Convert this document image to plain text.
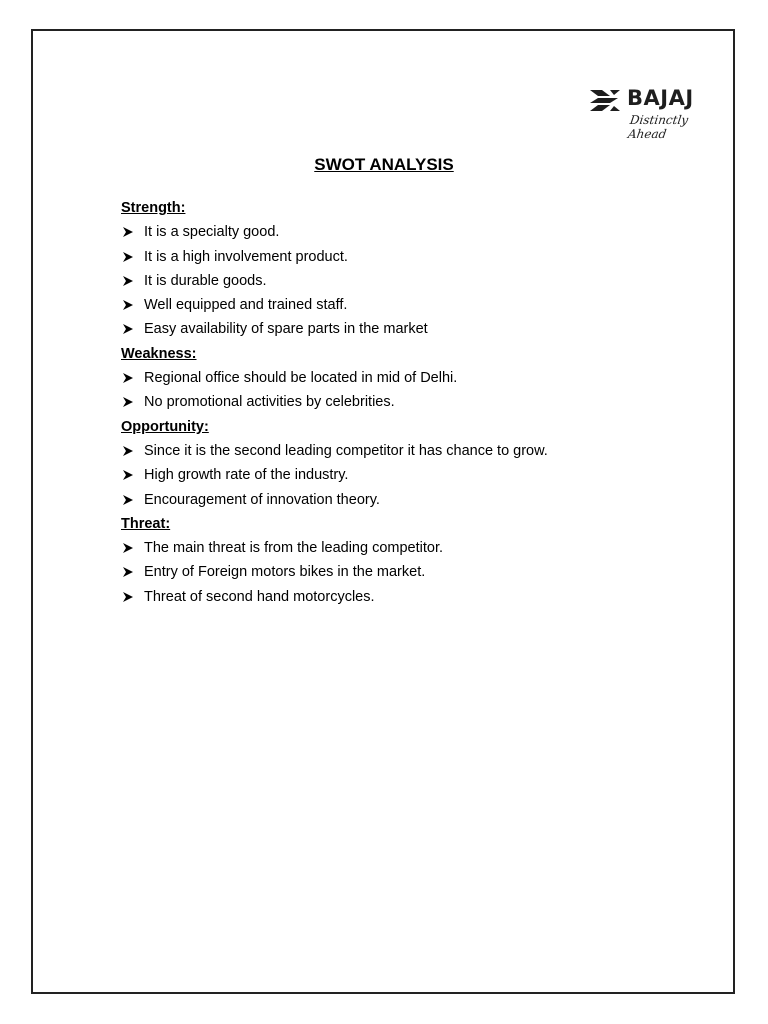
BAJAJ
Distinctly Ahead
SWOT ANALYSIS
Strength:
It is a specialty good.
It is a high involvement product.
It is durable goods.
Well equipped and trained staff.
Easy availability of spare parts in the market
Weakness:
Regional office should be located in mid of Delhi.
No promotional activities by celebrities.
Opportunity:
Since it is the second leading competitor it has chance to grow.
High growth rate of the industry.
Encouragement of innovation theory.
Threat:
The main threat is from the leading competitor.
Entry of Foreign motors bikes in the market.
Threat of second hand motorcycles.
